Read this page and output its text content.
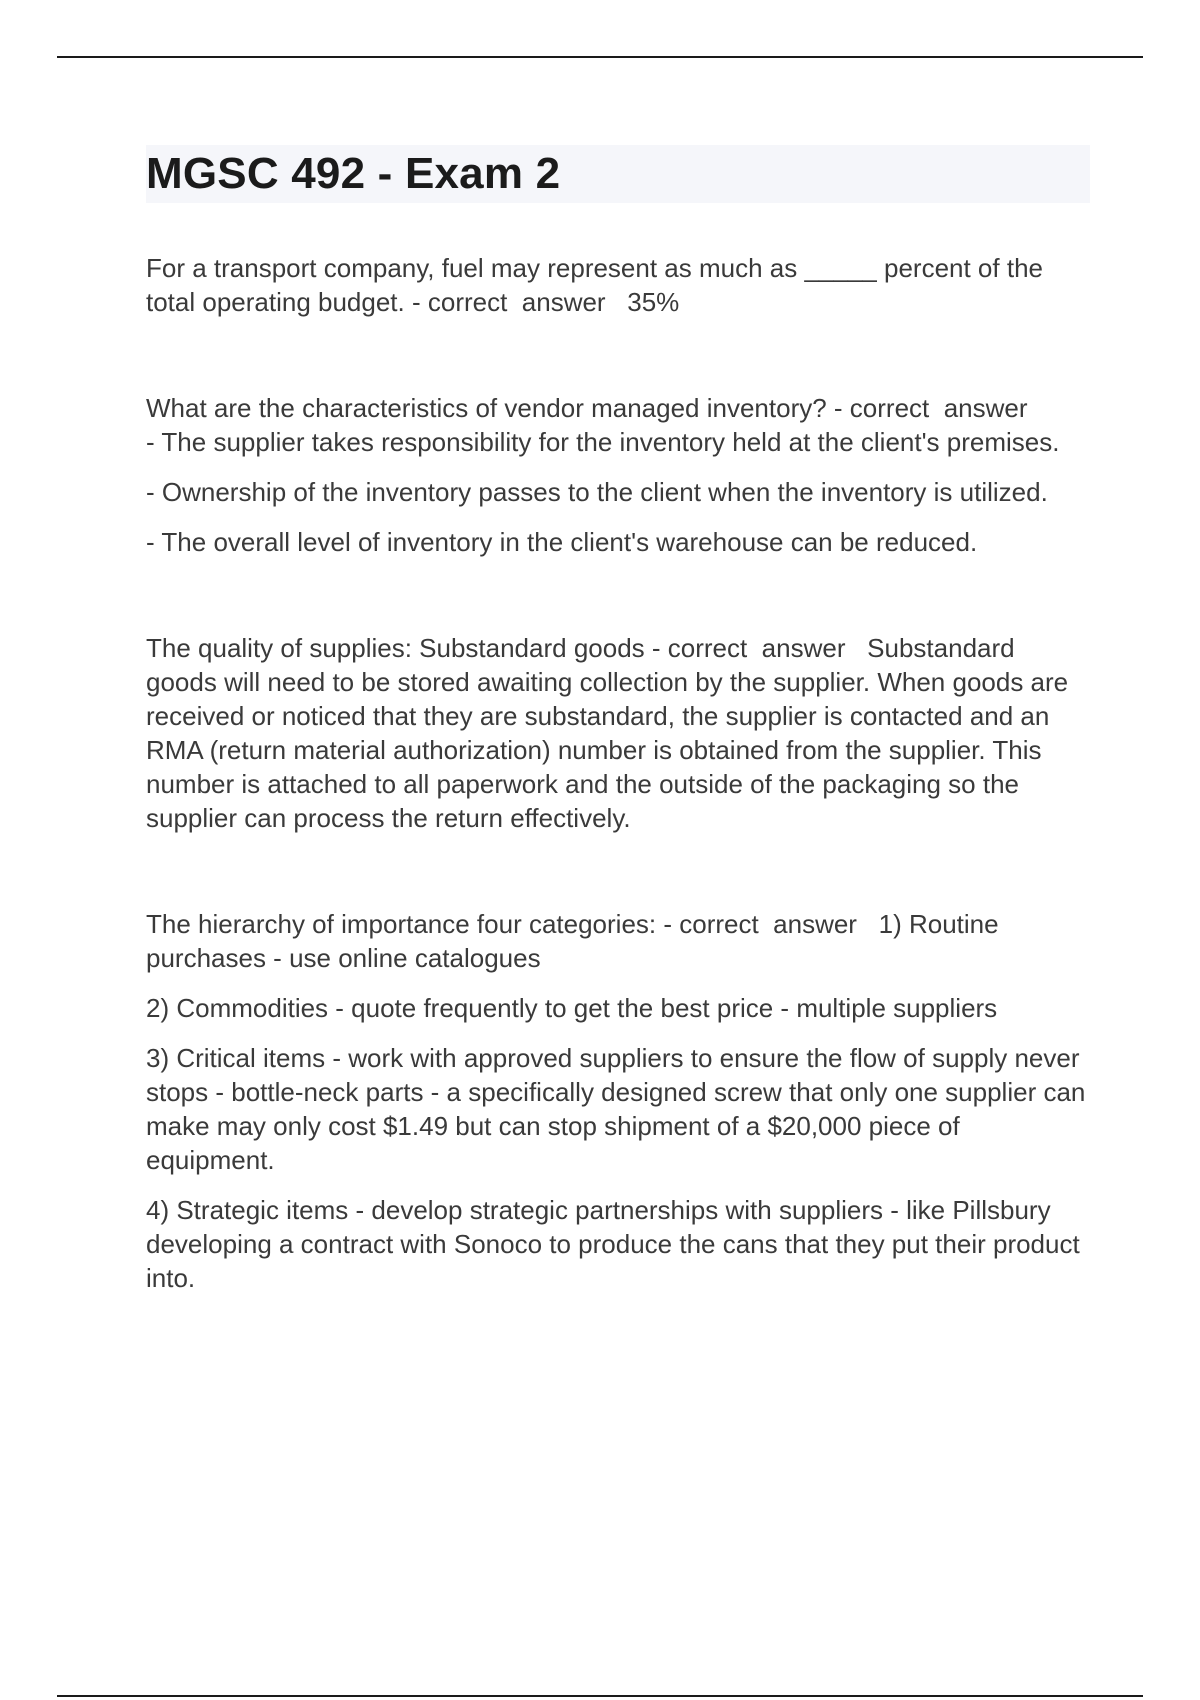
MGSC 492 - Exam 2

For a transport company, fuel may represent as much as _____ percent of the total operating budget. - correct  answer   35%

What are the characteristics of vendor managed inventory? - correct  answer
- The supplier takes responsibility for the inventory held at the client's premises.

- Ownership of the inventory passes to the client when the inventory is utilized.

- The overall level of inventory in the client's warehouse can be reduced.

The quality of supplies: Substandard goods - correct  answer   Substandard goods will need to be stored awaiting collection by the supplier. When goods are received or noticed that they are substandard, the supplier is contacted and an RMA (return material authorization) number is obtained from the supplier. This number is attached to all paperwork and the outside of the packaging so the supplier can process the return effectively.

The hierarchy of importance four categories: - correct  answer   1) Routine purchases - use online catalogues

2) Commodities - quote frequently to get the best price - multiple suppliers

3) Critical items - work with approved suppliers to ensure the flow of supply never stops - bottle-neck parts - a specifically designed screw that only one supplier can make may only cost $1.49 but can stop shipment of a $20,000 piece of equipment.

4) Strategic items - develop strategic partnerships with suppliers - like Pillsbury developing a contract with Sonoco to produce the cans that they put their product into.
